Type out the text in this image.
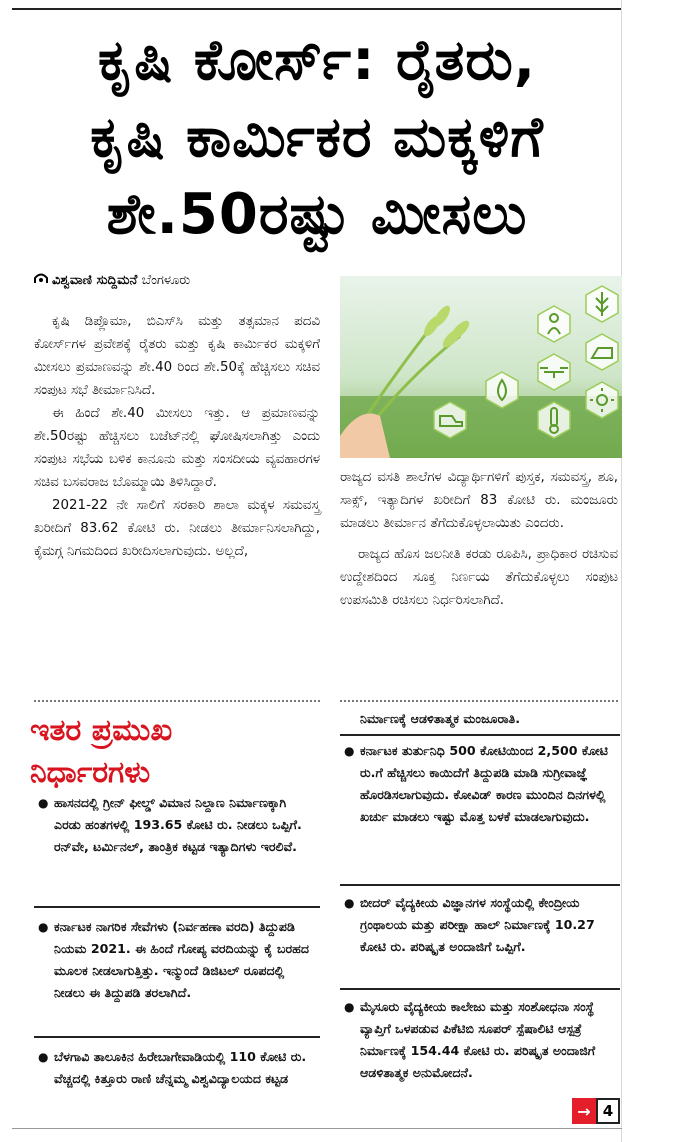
ಕೃಷಿ ಕೋರ್ಸ್‌: ರೈತರು,
ಕೃಷಿ ಕಾರ್ಮಿಕರ ಮಕ್ಕಳಿಗೆ
ಶೇ.50ರಷ್ಟು ಮೀಸಲು
ವಿಶ್ವವಾಣಿ ಸುದ್ದಿಮನೆ ಬೆಂಗಳೂರು

ಕೃಷಿ ಡಿಪ್ಲೊಮಾ, ಬಿಎಸ್‌ಸಿ ಮತ್ತು ತತ್ಸಮಾನ ಪದವಿ ಕೋರ್ಸ್‌ಗಳ ಪ್ರವೇಶಕ್ಕೆ ರೈತರು ಮತ್ತು ಕೃಷಿ ಕಾರ್ಮಿಕರ ಮಕ್ಕಳಿಗೆ ಮೀಸಲು ಪ್ರಮಾಣವನ್ನು ಶೇ.40 ರಿಂದ ಶೇ.50ಕ್ಕೆ ಹೆಚ್ಚಿಸಲು ಸಚಿವ ಸಂಪುಟ ಸಭೆ ತೀರ್ಮಾನಿಸಿದೆ.

ಈ ಹಿಂದೆ ಶೇ.40 ಮೀಸಲು ಇತ್ತು. ಆ ಪ್ರಮಾಣವನ್ನು ಶೇ.50ರಷ್ಟು ಹೆಚ್ಚಿಸಲು ಬಜೆಟ್‌ನಲ್ಲಿ ಘೋಷಿಸಲಾಗಿತ್ತು ಎಂದು ಸಂಪುಟ ಸಭೆಯ ಬಳಿಕ ಕಾನೂನು ಮತ್ತು ಸಂಸದೀಯ ವ್ಯವಹಾರಗಳ ಸಚಿವ ಬಸವರಾಜ ಬೊಮ್ಮಾಯಿ ತಿಳಿಸಿದ್ದಾರೆ.

2021-22 ನೇ ಸಾಲಿಗೆ ಸರಕಾರಿ ಶಾಲಾ ಮಕ್ಕಳ ಸಮವಸ್ತ್ರ ಖರೀದಿಗೆ 83.62 ಕೋಟಿ ರು. ನೀಡಲು ತೀರ್ಮಾನಿಸಲಾಗಿದ್ದು, ಕೈಮಗ್ಗ ನಿಗಮದಿಂದ ಖರೀದಿಸಲಾಗುವುದು. ಅಲ್ಲದೆ,

ರಾಜ್ಯದ ವಸತಿ ಶಾಲೆಗಳ ವಿದ್ಯಾರ್ಥಿಗಳಿಗೆ ಪುಸ್ತಕ, ಸಮವಸ್ತ್ರ, ಶೂ, ಸಾಕ್ಸ್, ಇತ್ಯಾದಿಗಳ ಖರೀದಿಗೆ 83 ಕೋಟಿ ರು. ಮಂಜೂರು ಮಾಡಲು ತೀರ್ಮಾನ ತೆಗೆದುಕೊಳ್ಳಲಾಯಿತು ಎಂದರು.

ರಾಜ್ಯದ ಹೊಸ ಜಲನೀತಿ ಕರಡು ರೂಪಿಸಿ, ಪ್ರಾಧಿಕಾರ ರಚಿಸುವ ಉದ್ದೇಶದಿಂದ ಸೂಕ್ತ ನಿರ್ಣಯ ತೆಗೆದುಕೊಳ್ಳಲು ಸಂಪುಟ ಉಪಸಮಿತಿ ರಚಿಸಲು ನಿರ್ಧರಿಸಲಾಗಿದೆ.

ಇತರ ಪ್ರಮುಖ
ನಿರ್ಧಾರಗಳು
● ಹಾಸನದಲ್ಲಿ ಗ್ರೀನ್ ಫೀಲ್ಡ್ ವಿಮಾನ ನಿಲ್ದಾಣ ನಿರ್ಮಾಣಕ್ಕಾಗಿ ಎರಡು ಹಂತಗಳಲ್ಲಿ 193.65 ಕೋಟಿ ರು. ನೀಡಲು ಒಪ್ಪಿಗೆ. ರನ್‌ವೇ, ಟರ್ಮಿನಲ್, ತಾಂತ್ರಿಕ ಕಟ್ಟಡ ಇತ್ಯಾದಿಗಳು ಇರಲಿವೆ.
● ಕರ್ನಾಟಕ ನಾಗರಿಕ ಸೇವೆಗಳು (ನಿರ್ವಹಣಾ ವರದಿ) ತಿದ್ದುಪಡಿ ನಿಯಮ 2021. ಈ ಹಿಂದೆ ಗೋಪ್ಯ ವರದಿಯನ್ನು ಕೈ ಬರಹದ ಮೂಲಕ ನೀಡಲಾಗುತ್ತಿತ್ತು. ಇನ್ಮುಂದೆ ಡಿಜಿಟಲ್ ರೂಪದಲ್ಲಿ ನೀಡಲು ಈ ತಿದ್ದುಪಡಿ ತರಲಾಗಿದೆ.
● ಬೆಳಗಾವಿ ತಾಲೂಕಿನ ಹಿರೇಬಾಗೇವಾಡಿಯಲ್ಲಿ 110 ಕೋಟಿ ರು. ವೆಚ್ಚದಲ್ಲಿ ಕಿತ್ತೂರು ರಾಣಿ ಚೆನ್ನಮ್ಮ ವಿಶ್ವವಿದ್ಯಾಲಯದ ಕಟ್ಟಡ
ನಿರ್ಮಾಣಕ್ಕೆ ಆಡಳಿತಾತ್ಮಕ ಮಂಜೂರಾತಿ.
● ಕರ್ನಾಟಕ ತುರ್ತುನಿಧಿ 500 ಕೋಟಿಯಿಂದ 2,500 ಕೋಟಿ ರು.ಗೆ ಹೆಚ್ಚಿಸಲು ಕಾಯಿದೆಗೆ ತಿದ್ದುಪಡಿ ಮಾಡಿ ಸುಗ್ರೀವಾಜ್ಞೆ ಹೊರಡಿಸಲಾಗುವುದು. ಕೋವಿಡ್ ಕಾರಣ ಮುಂದಿನ ದಿನಗಳಲ್ಲಿ ಖರ್ಚು ಮಾಡಲು ಇಷ್ಟು ಮೊತ್ತ ಬಳಕೆ ಮಾಡಲಾಗುವುದು.
● ಬೀದರ್ ವೈದ್ಯಕೀಯ ವಿಜ್ಞಾನಗಳ ಸಂಸ್ಥೆಯಲ್ಲಿ ಕೇಂದ್ರೀಯ ಗ್ರಂಥಾಲಯ ಮತ್ತು ಪರೀಕ್ಷಾ ಹಾಲ್ ನಿರ್ಮಾಣಕ್ಕೆ 10.27 ಕೋಟಿ ರು. ಪರಿಷ್ಕೃತ ಅಂದಾಜಿಗೆ ಒಪ್ಪಿಗೆ.
● ಮೈಸೂರು ವೈದ್ಯಕೀಯ ಕಾಲೇಜು ಮತ್ತು ಸಂಶೋಧನಾ ಸಂಸ್ಥೆ ವ್ಯಾಪ್ತಿಗೆ ಒಳಪಡುವ ಪಿಕೆಟಿಬಿ ಸೂಪರ್ ಸ್ಪೆಷಾಲಿಟಿ ಆಸ್ಪತ್ರೆ ನಿರ್ಮಾಣಕ್ಕೆ 154.44 ಕೋಟಿ ರು. ಪರಿಷ್ಕೃತ ಅಂದಾಜಿಗೆ ಆಡಳಿತಾತ್ಮಕ ಅನುಮೋದನೆ.
→ 4
